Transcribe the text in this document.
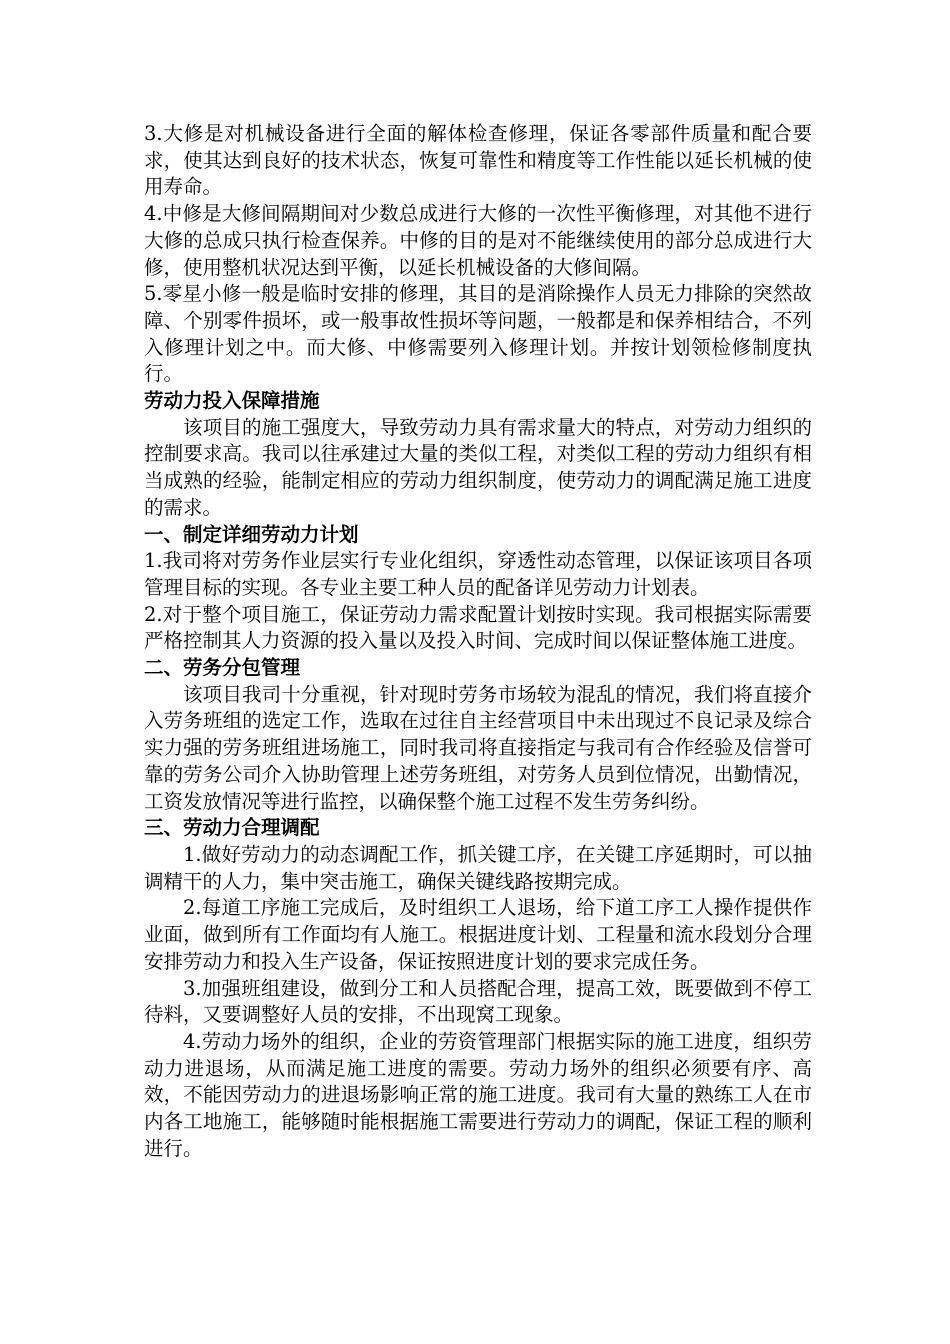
3.大修是对机械设备进行全面的解体检查修理，保证各零部件质量和配合要求，使其达到良好的技术状态，恢复可靠性和精度等工作性能以延长机械的使用寿命。

4.中修是大修间隔期间对少数总成进行大修的一次性平衡修理，对其他不进行大修的总成只执行检查保养。中修的目的是对不能继续使用的部分总成进行大修，使用整机状况达到平衡，以延长机械设备的大修间隔。

5.零星小修一般是临时安排的修理，其目的是消除操作人员无力排除的突然故障、个别零件损坏，或一般事故性损坏等问题，一般都是和保养相结合，不列入修理计划之中。而大修、中修需要列入修理计划。并按计划领检修制度执行。

劳动力投入保障措施

该项目的施工强度大，导致劳动力具有需求量大的特点，对劳动力组织的控制要求高。我司以往承建过大量的类似工程，对类似工程的劳动力组织有相当成熟的经验，能制定相应的劳动力组织制度，使劳动力的调配满足施工进度的需求。

一、制定详细劳动力计划

1.我司将对劳务作业层实行专业化组织，穿透性动态管理，以保证该项目各项管理目标的实现。各专业主要工种人员的配备详见劳动力计划表。

2.对于整个项目施工，保证劳动力需求配置计划按时实现。我司根据实际需要严格控制其人力资源的投入量以及投入时间、完成时间以保证整体施工进度。

二、劳务分包管理

该项目我司十分重视，针对现时劳务市场较为混乱的情况，我们将直接介入劳务班组的选定工作，选取在过往自主经营项目中未出现过不良记录及综合实力强的劳务班组进场施工，同时我司将直接指定与我司有合作经验及信誉可靠的劳务公司介入协助管理上述劳务班组，对劳务人员到位情况，出勤情况，工资发放情况等进行监控，以确保整个施工过程不发生劳务纠纷。

三、劳动力合理调配

1.做好劳动力的动态调配工作，抓关键工序，在关键工序延期时，可以抽调精干的人力，集中突击施工，确保关键线路按期完成。

2.每道工序施工完成后，及时组织工人退场，给下道工序工人操作提供作业面，做到所有工作面均有人施工。根据进度计划、工程量和流水段划分合理安排劳动力和投入生产设备，保证按照进度计划的要求完成任务。

3.加强班组建设，做到分工和人员搭配合理，提高工效，既要做到不停工待料，又要调整好人员的安排，不出现窝工现象。

4.劳动力场外的组织，企业的劳资管理部门根据实际的施工进度，组织劳动力进退场，从而满足施工进度的需要。劳动力场外的组织必须要有序、高效，不能因劳动力的进退场影响正常的施工进度。我司有大量的熟练工人在市内各工地施工，能够随时能根据施工需要进行劳动力的调配，保证工程的顺利进行。
